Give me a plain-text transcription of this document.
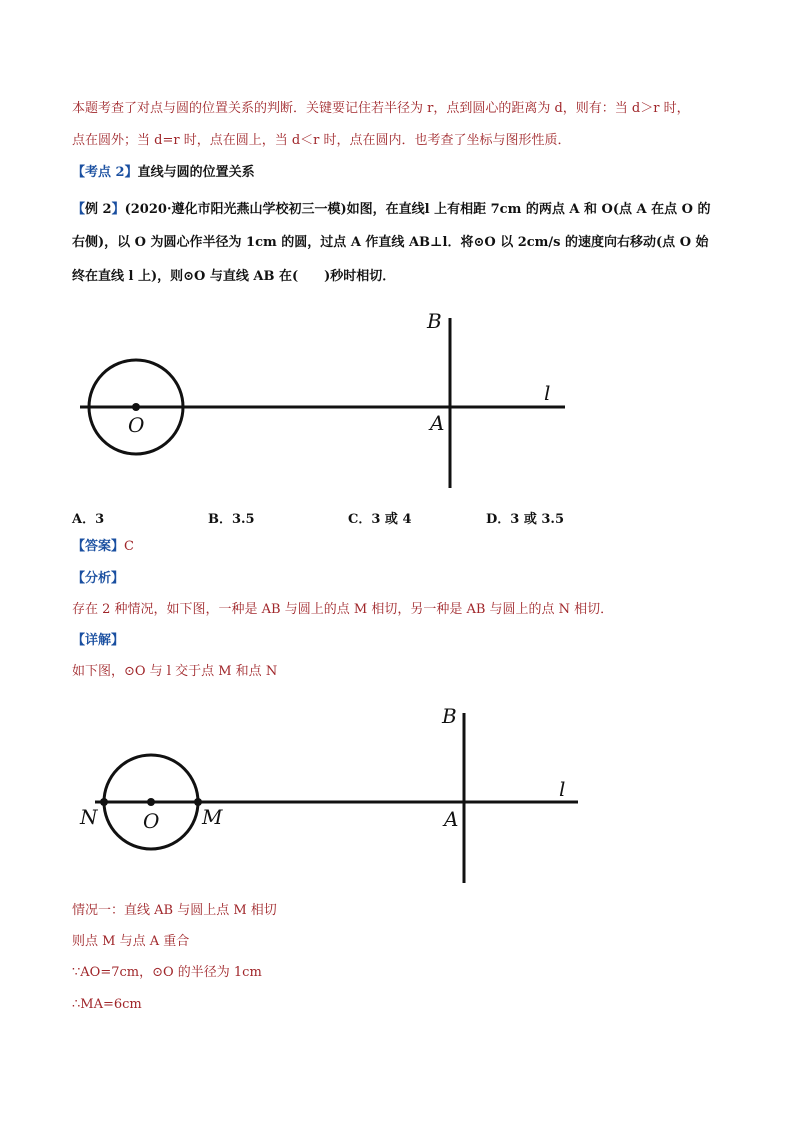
本题考查了对点与圆的位置关系的判断．关键要记住若半径为 r，点到圆心的距离为 d，则有：当 d＞r 时，
点在圆外；当 d=r 时，点在圆上，当 d＜r 时，点在圆内．也考查了坐标与图形性质．
【考点 2】直线与圆的位置关系
【例 2】(2020·遵化市阳光燕山学校初三一模)如图，在直线l 上有相距 7cm 的两点 A 和 O(点 A 在点 O 的
右侧)，以 O 为圆心作半径为 1cm 的圆，过点 A 作直线 AB⊥l．将⊙O 以 2cm/s 的速度向右移动(点 O 始
终在直线 l 上)，则⊙O 与直线 AB 在(　　)秒时相切．
B
l
O	A
A．3	B．3.5	C．3 或 4	D．3 或 3.5
【答案】C
【分析】
存在 2 种情况，如下图，一种是 AB 与圆上的点 M 相切，另一种是 AB 与圆上的点 N 相切．
【详解】
如下图，⊙O 与 l 交于点 M 和点 N
B
l
N O M	A
情况一：直线 AB 与圆上点 M 相切
则点 M 与点 A 重合
∵AO=7cm，⊙O 的半径为 1cm
∴MA=6cm
